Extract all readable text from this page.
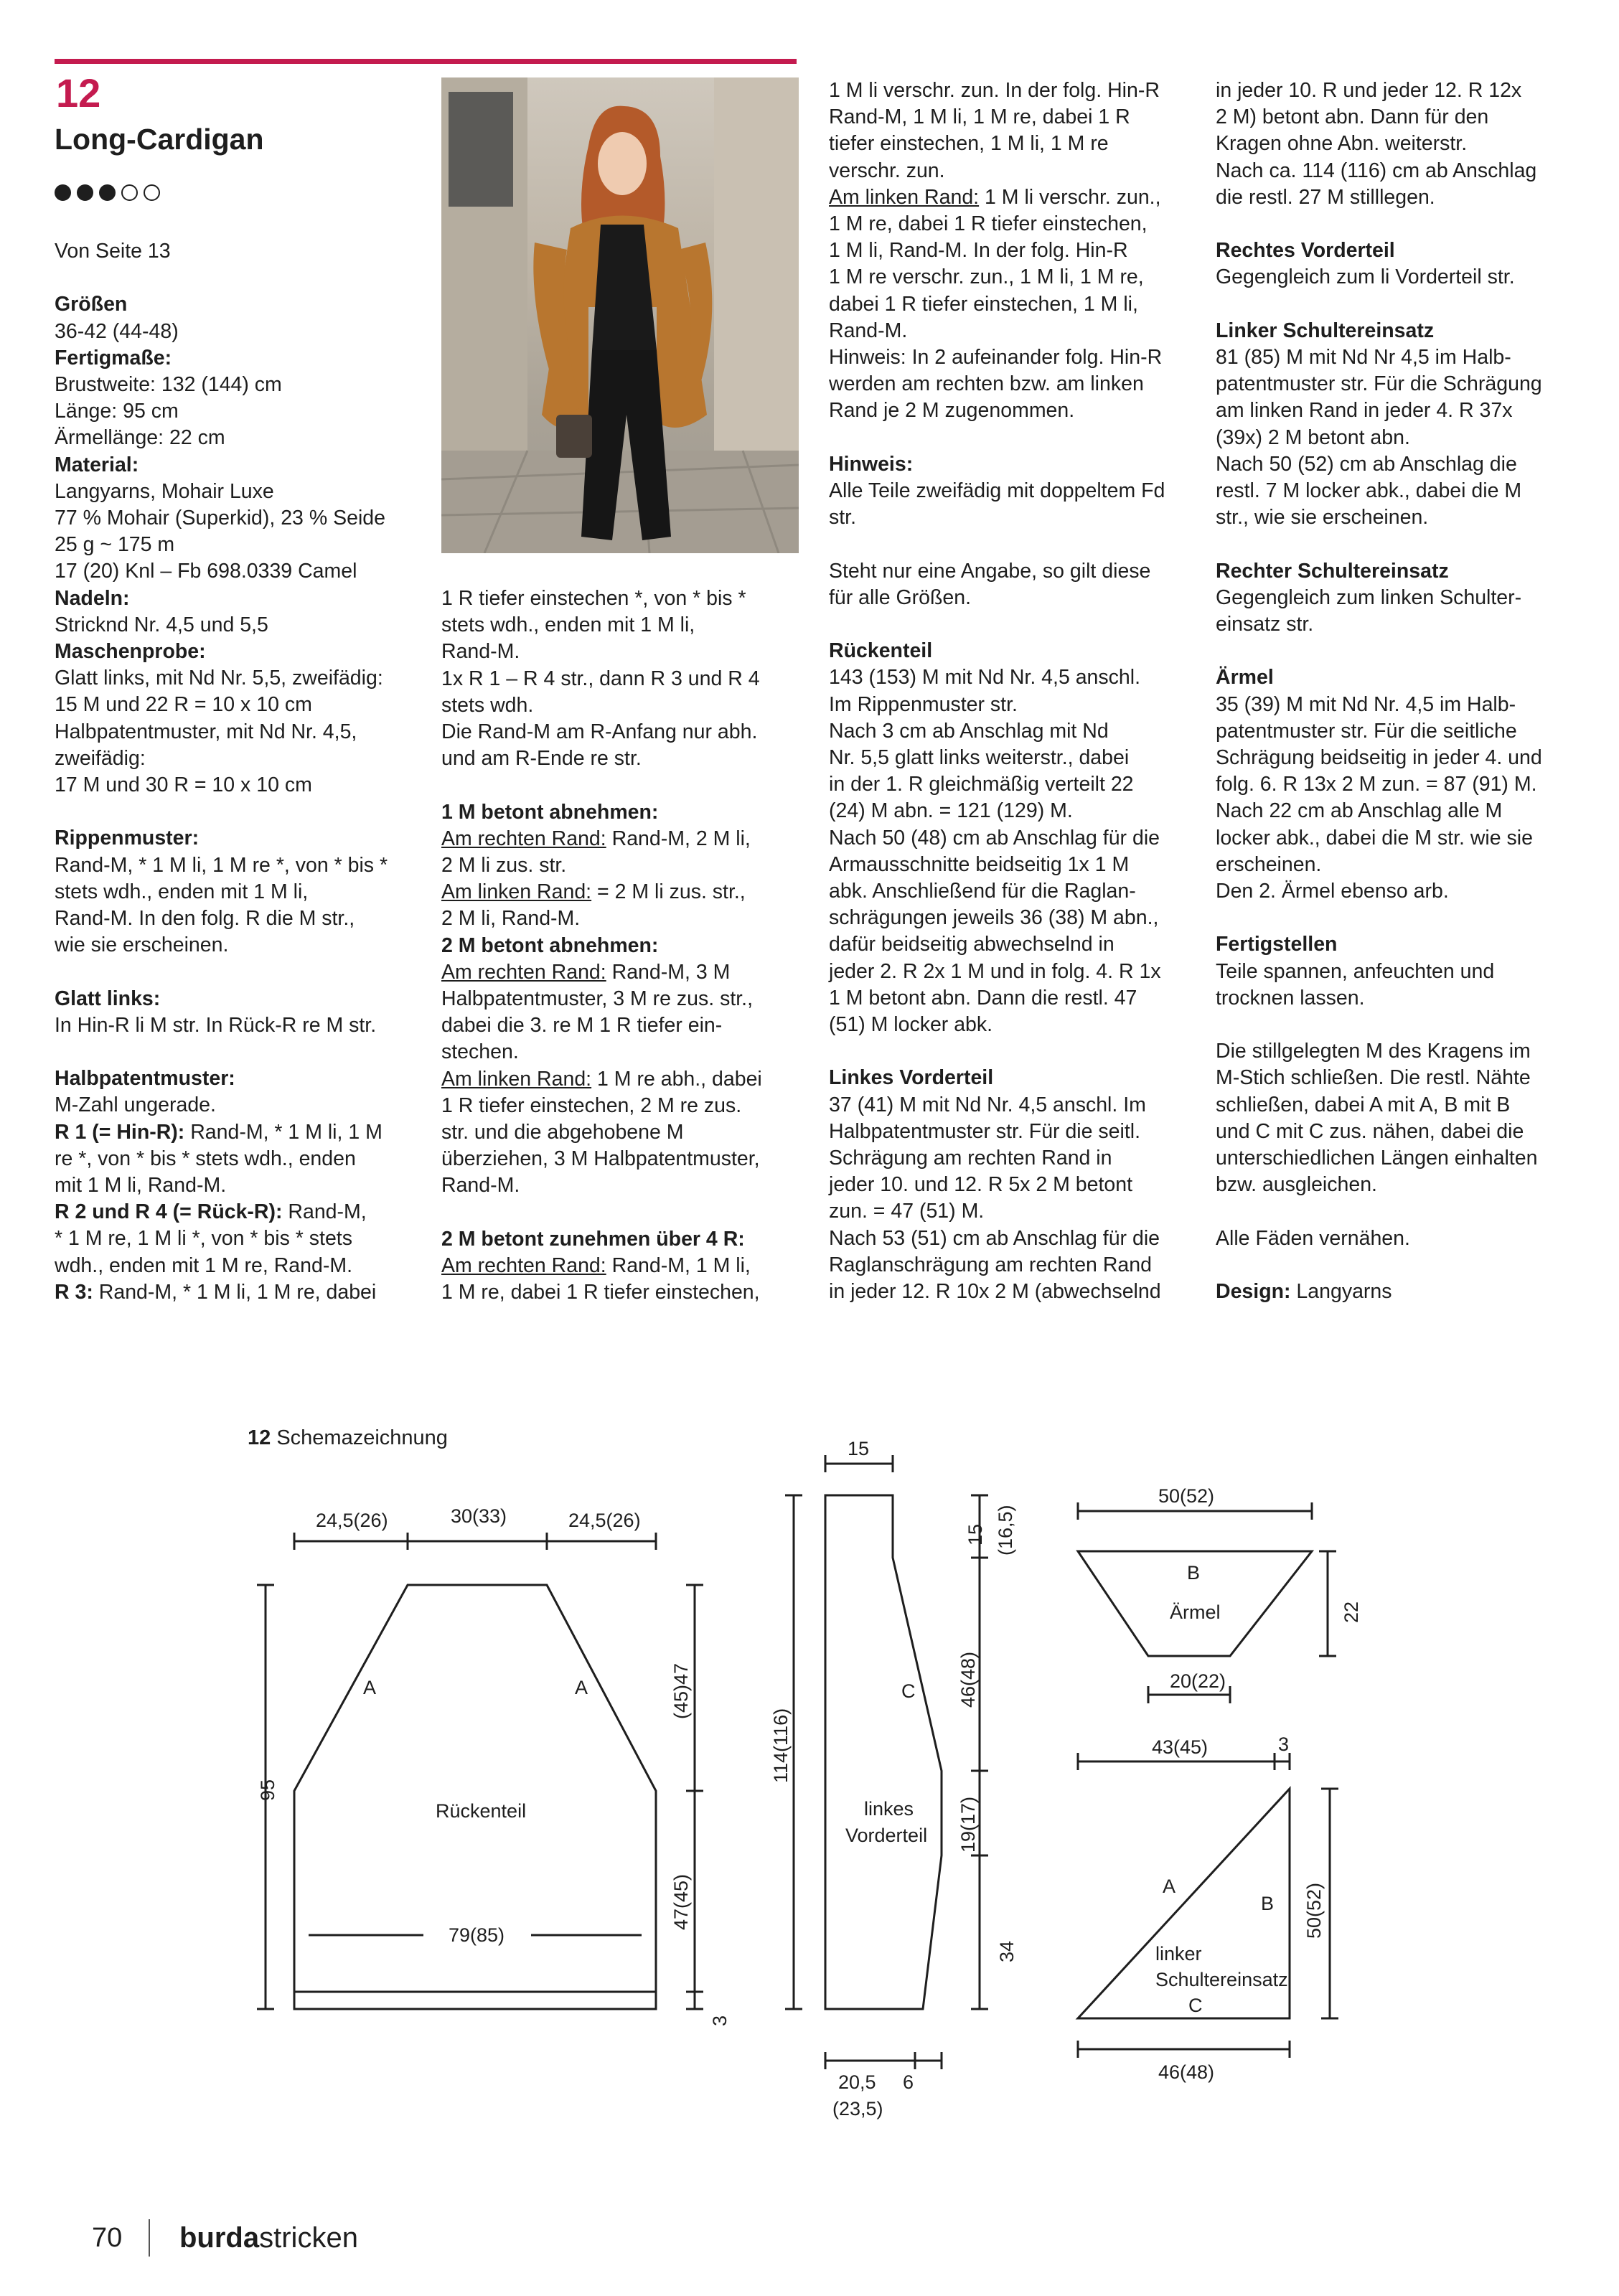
12
Long-Cardigan

Von Seite 13

Größen

36-42 (44-48)

Fertigmaße:

Brustweite: 132 (144) cm

Länge: 95 cm

Ärmellänge: 22 cm

Material:

Langyarns, Mohair Luxe

77 % Mohair (Superkid), 23 % Seide

25 g ~ 175 m

17 (20) Knl – Fb 698.0339 Camel

Nadeln:

Stricknd Nr. 4,5 und 5,5

Maschenprobe:

Glatt links, mit Nd Nr. 5,5, zweifädig:
15 M und 22 R = 10 x 10 cm
Halbpatentmuster, mit Nd Nr. 4,5,
zweifädig:
17 M und 30 R = 10 x 10 cm

Rippenmuster:

Rand-M, * 1 M li, 1 M re *, von * bis *
stets wdh., enden mit 1 M li,
Rand-M. In den folg. R die M str.,
wie sie erscheinen.

Glatt links:

In Hin-R li M str. In Rück-R re M str.

Halbpatentmuster:

M-Zahl ungerade.

R 1 (= Hin-R): Rand-M, * 1 M li, 1 M
re *, von * bis * stets wdh., enden
mit 1 M li, Rand-M.

R 2 und R 4 (= Rück-R): Rand-M,
* 1 M re, 1 M li *, von * bis * stets
wdh., enden mit 1 M re, Rand-M.

R 3: Rand-M, * 1 M li, 1 M re, dabei

1 R tiefer einstechen *, von * bis *
stets wdh., enden mit 1 M li,
Rand-M.

1x R 1 – R 4 str., dann R 3 und R 4
stets wdh.
Die Rand-M am R-Anfang nur abh.
und am R-Ende re str.

1 M betont abnehmen:

Am rechten Rand: Rand-M, 2 M li,
2 M li zus. str.

Am linken Rand: = 2 M li zus. str.,
2 M li, Rand-M.

2 M betont abnehmen:

Am rechten Rand: Rand-M, 3 M
Halbpatentmuster, 3 M re zus. str.,
dabei die 3. re M 1 R tiefer ein-
stechen.

Am linken Rand: 1 M re abh., dabei
1 R tiefer einstechen, 2 M re zus.
str. und die abgehobene M
überziehen, 3 M Halbpatentmuster,
Rand-M.

2 M betont zunehmen über 4 R:

Am rechten Rand: Rand-M, 1 M li,
1 M re, dabei 1 R tiefer einstechen,

1 M li verschr. zun. In der folg. Hin-R
Rand-M, 1 M li, 1 M re, dabei 1 R
tiefer einstechen, 1 M li, 1 M re
verschr. zun.

Am linken Rand: 1 M li verschr. zun.,
1 M re, dabei 1 R tiefer einstechen,
1 M li, Rand-M. In der folg. Hin-R
1 M re verschr. zun., 1 M li, 1 M re,
dabei 1 R tiefer einstechen, 1 M li,
Rand-M.

Hinweis: In 2 aufeinander folg. Hin-R
werden am rechten bzw. am linken
Rand je 2 M zugenommen.

Hinweis:

Alle Teile zweifädig mit doppeltem Fd
str.

Steht nur eine Angabe, so gilt diese
für alle Größen.

Rückenteil

143 (153) M mit Nd Nr. 4,5 anschl.
Im Rippenmuster str.
Nach 3 cm ab Anschlag mit Nd
Nr. 5,5 glatt links weiterstr., dabei
in der 1. R gleichmäßig verteilt 22
(24) M abn. = 121 (129) M.
Nach 50 (48) cm ab Anschlag für die
Armausschnitte beidseitig 1x 1 M
abk. Anschließend für die Raglan-
schrägungen jeweils 36 (38) M abn.,
dafür beidseitig abwechselnd in
jeder 2. R 2x 1 M und in folg. 4. R 1x
1 M betont abn. Dann die restl. 47
(51) M locker abk.

Linkes Vorderteil

37 (41) M mit Nd Nr. 4,5 anschl. Im
Halbpatentmuster str. Für die seitl.
Schrägung am rechten Rand in
jeder 10. und 12. R 5x 2 M betont
zun. = 47 (51) M.
Nach 53 (51) cm ab Anschlag für die
Raglanschrägung am rechten Rand
in jeder 12. R 10x 2 M (abwechselnd

in jeder 10. R und jeder 12. R 12x
2 M) betont abn. Dann für den
Kragen ohne Abn. weiterstr.
Nach ca. 114 (116) cm ab Anschlag
die restl. 27 M stilllegen.

Rechtes Vorderteil

Gegengleich zum li Vorderteil str.

Linker Schultereinsatz

81 (85) M mit Nd Nr 4,5 im Halb-
patentmuster str. Für die Schrägung
am linken Rand in jeder 4. R 37x
(39x) 2 M betont abn.
Nach 50 (52) cm ab Anschlag die
restl. 7 M locker abk., dabei die M
str., wie sie erscheinen.

Rechter Schultereinsatz

Gegengleich zum linken Schulter-
einsatz str.

Ärmel

35 (39) M mit Nd Nr. 4,5 im Halb-
patentmuster str. Für die seitliche
Schrägung beidseitig in jeder 4. und
folg. 6. R 13x 2 M zun. = 87 (91) M.
Nach 22 cm ab Anschlag alle M
locker abk., dabei die M str. wie sie
erscheinen.
Den 2. Ärmel ebenso arb.

Fertigstellen

Teile spannen, anfeuchten und
trocknen lassen.

Die stillgelegten M des Kragens im
M-Stich schließen. Die restl. Nähte
schließen, dabei A mit A, B mit B
und C mit C zus. nähen, dabei die
unterschiedlichen Längen einhalten
bzw. ausgleichen.

Alle Fäden vernähen.

Design: Langyarns

12 Schemazeichnung
24,5(26)	30(33)	24,5(26)
A	A
Rückenteil
79(85)
95
(45)47
47(45)
3
15
15 (16,5)
46(48)
114(116)
19(17)
34
C
linkes
Vorderteil
20,5 6
(23,5)
50(52)
B
Ärmel	22
20(22)
43(45)	3
A
B
linker
Schultereinsatz
C
50(52)
46(48)
70 burdastricken
